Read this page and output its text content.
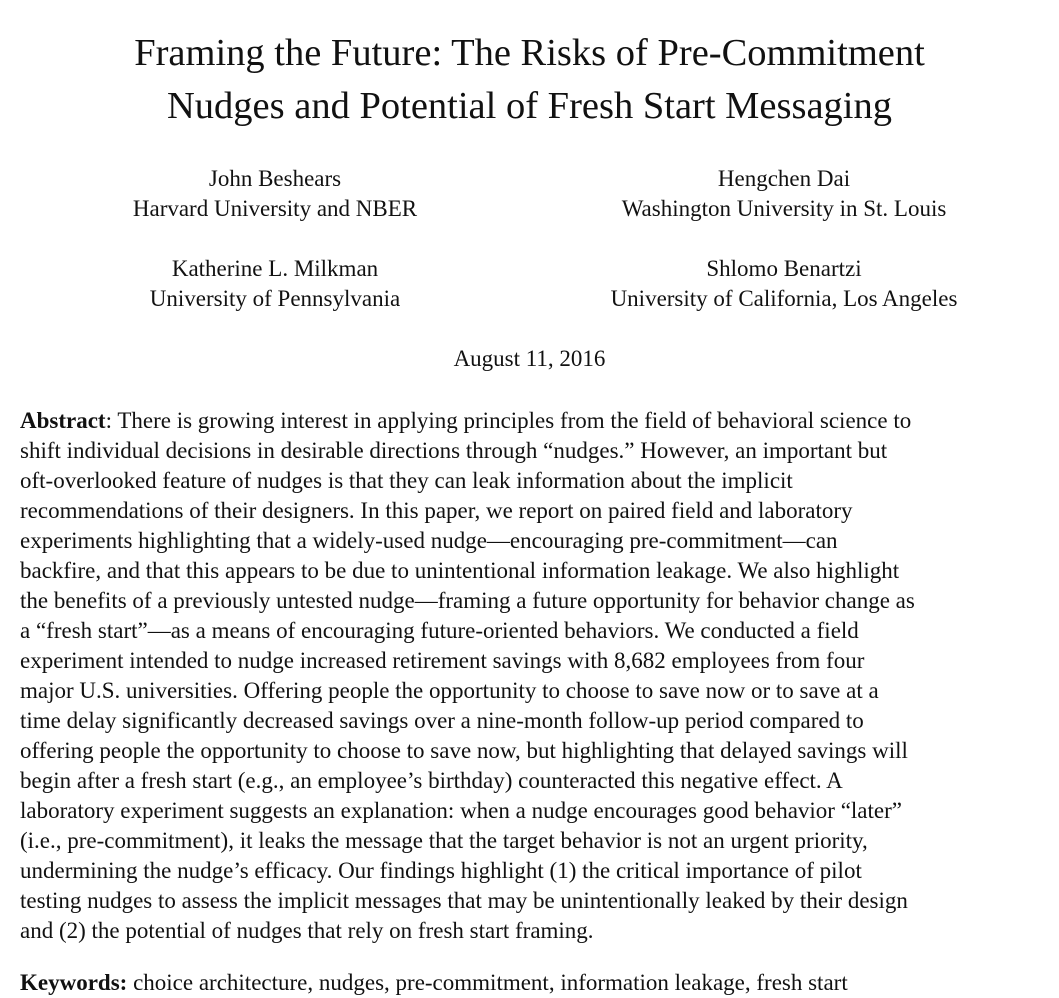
Framing the Future: The Risks of Pre-Commitment
Nudges and Potential of Fresh Start Messaging
John Beshears
Harvard University and NBER
Hengchen Dai
Washington University in St. Louis
Katherine L. Milkman
University of Pennsylvania
Shlomo Benartzi
University of California, Los Angeles
August 11, 2016
Abstract: There is growing interest in applying principles from the field of behavioral science to
shift individual decisions in desirable directions through “nudges.” However, an important but
oft-overlooked feature of nudges is that they can leak information about the implicit
recommendations of their designers. In this paper, we report on paired field and laboratory
experiments highlighting that a widely-used nudge—encouraging pre-commitment—can
backfire, and that this appears to be due to unintentional information leakage. We also highlight
the benefits of a previously untested nudge—framing a future opportunity for behavior change as
a “fresh start”—as a means of encouraging future-oriented behaviors. We conducted a field
experiment intended to nudge increased retirement savings with 8,682 employees from four
major U.S. universities. Offering people the opportunity to choose to save now or to save at a
time delay significantly decreased savings over a nine-month follow-up period compared to
offering people the opportunity to choose to save now, but highlighting that delayed savings will
begin after a fresh start (e.g., an employee’s birthday) counteracted this negative effect. A
laboratory experiment suggests an explanation: when a nudge encourages good behavior “later”
(i.e., pre-commitment), it leaks the message that the target behavior is not an urgent priority,
undermining the nudge’s efficacy. Our findings highlight (1) the critical importance of pilot
testing nudges to assess the implicit messages that may be unintentionally leaked by their design
and (2) the potential of nudges that rely on fresh start framing.
Keywords: choice architecture, nudges, pre-commitment, information leakage, fresh start
